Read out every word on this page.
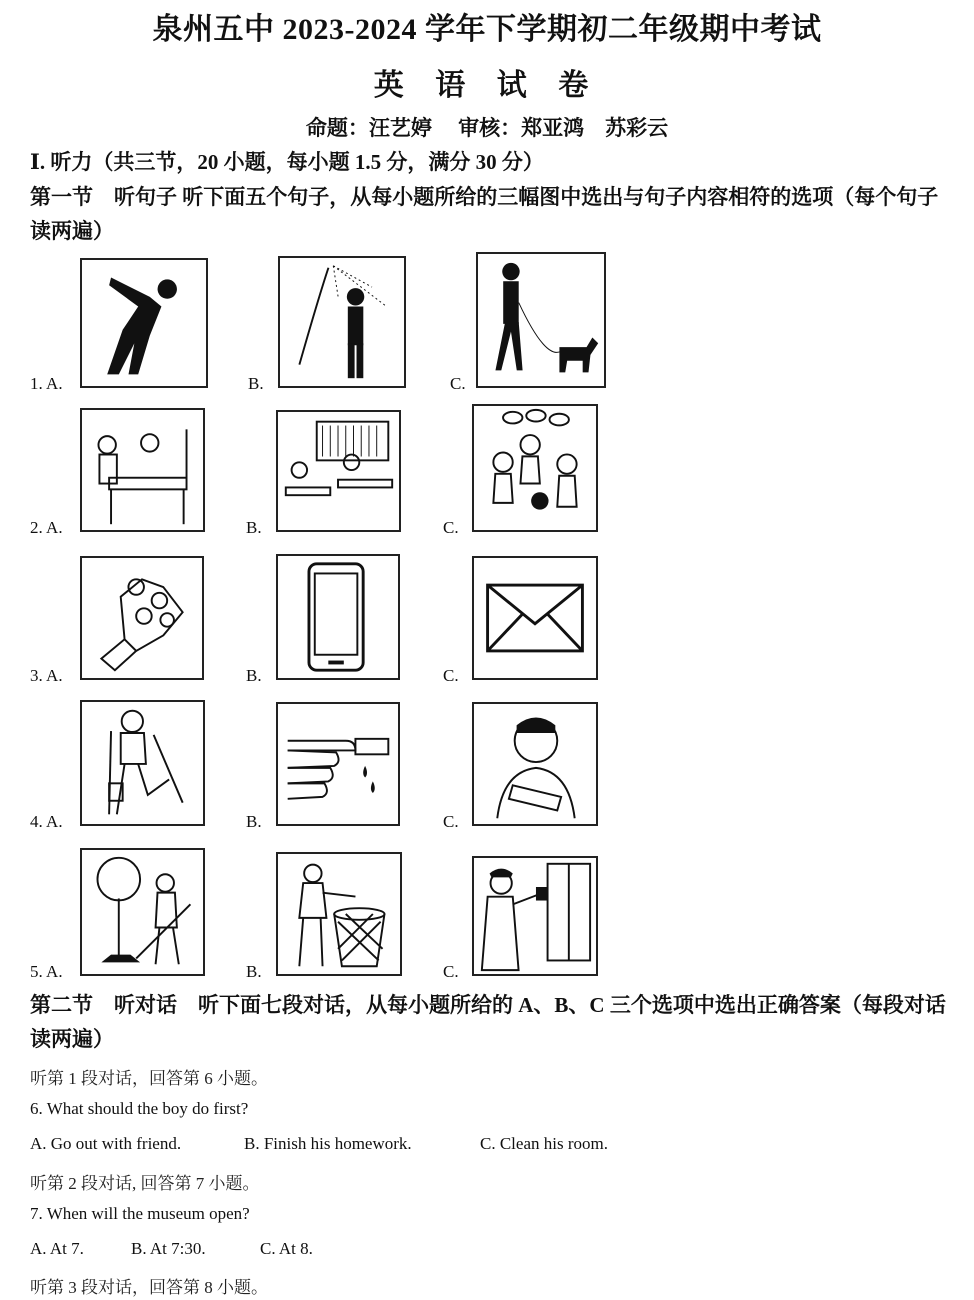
泉州五中 2023-2024 学年下学期初二年级期中考试
英 语 试 卷
命题：汪艺婷　 审核：郑亚鸿　苏彩云
Ⅰ. 听力（共三节，20 小题，每小题 1.5 分，满分 30 分）
第一节　听句子 听下面五个句子，从每小题所给的三幅图中选出与句子内容相符的选项（每个句子读两遍）
1. A.	B.	C.
2. A.	B.	C.
3. A.	B.	C.
4. A.	B.	C.
5. A.	B.	C.
第二节　听对话　听下面七段对话，从每小题所给的 A、B、C 三个选项中选出正确答案（每段对话读两遍）
听第 1 段对话，回答第 6 小题。
6. What should the boy do first?
A. Go out with friend.	B. Finish his homework.	C. Clean his room.
听第 2 段对话, 回答第 7 小题。
7. When will the museum open?
A. At 7.	B. At 7:30.	C. At 8.
听第 3 段对话，回答第 8 小题。
